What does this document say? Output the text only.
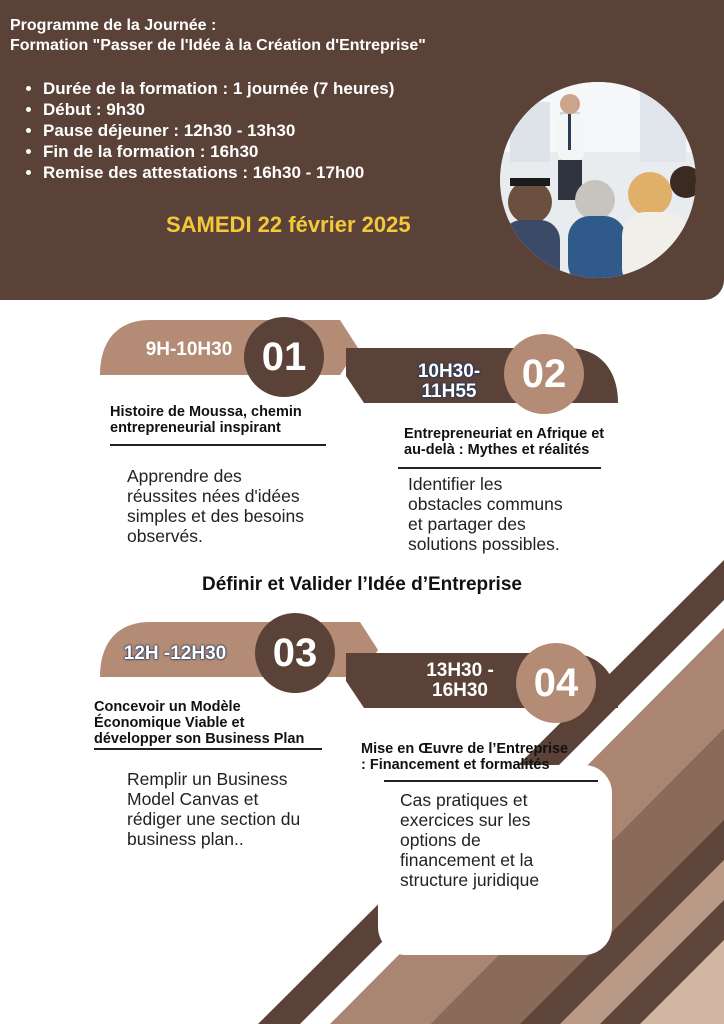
Programme de la Journée :
Formation "Passer de l'Idée à la Création d'Entreprise"

• Durée de la formation : 1 journée (7 heures)
• Début : 9h30
• Pause déjeuner : 12h30 - 13h30
• Fin de la formation : 16h30
• Remise des attestations : 16h30 - 17h00

SAMEDI 22 février 2025

9H-10H30 01

Histoire de Moussa, chemin
entrepreneurial inspirant

Apprendre des
réussites nées d'idées
simples et des besoins
observés.

10H30-
11H55	02

Entrepreneuriat en Afrique et
au-delà : Mythes et réalités

Identifier les
obstacles communs
et partager des
solutions possibles.

Définir et Valider l’Idée d’Entreprise

12H -12H30	03

Concevoir un Modèle
Économique Viable et
développer son Business Plan

Remplir un Business
Model Canvas et
rédiger une section du
business plan..

13H30 -
16H30	04

Mise en Œuvre de l’Entreprise
: Financement et formalités

Cas pratiques et
exercices sur les
options de
financement et la
structure juridique
